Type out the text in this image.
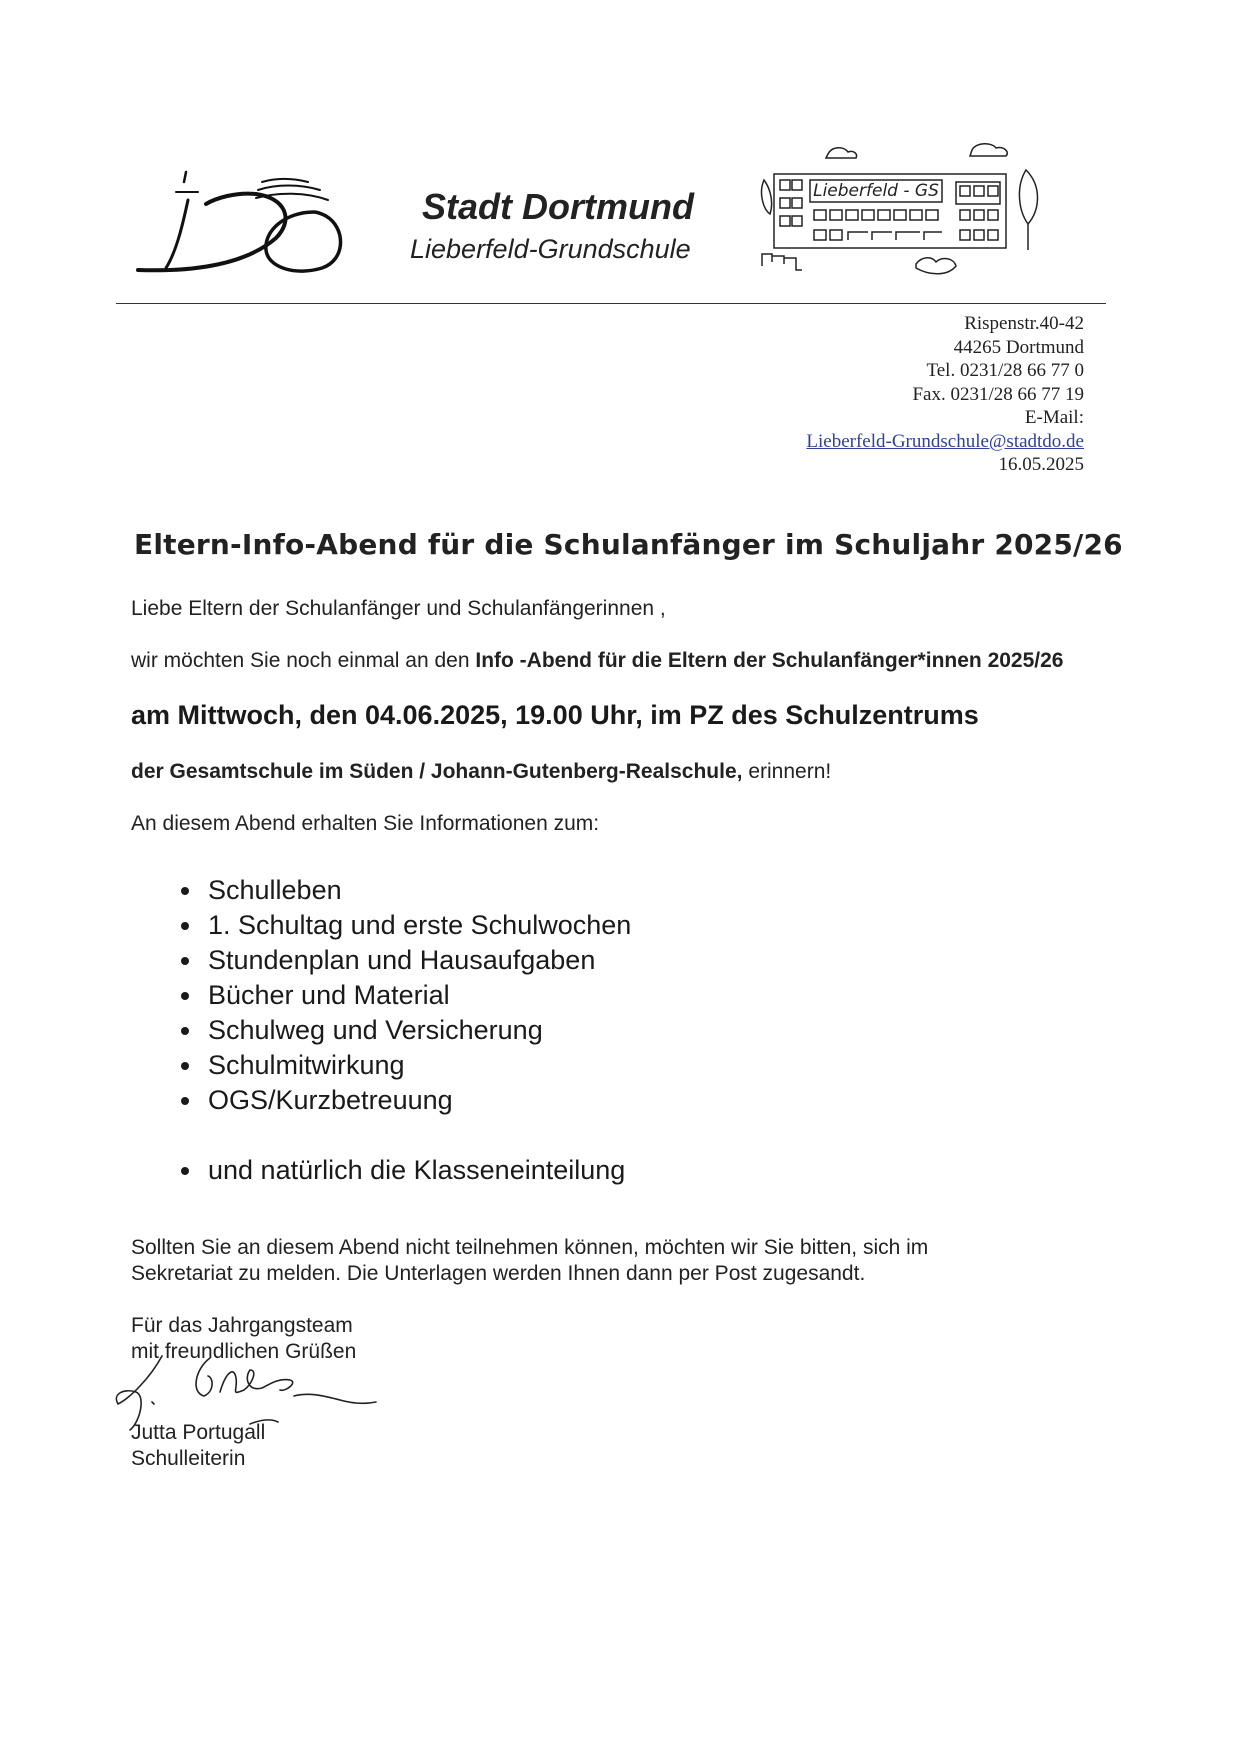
Stadt Dortmund
Lieberfeld-Grundschule
Lieberfeld - GS
Rispenstr.40-42
44265 Dortmund
Tel. 0231/28 66 77 0
Fax. 0231/28 66 77 19
E-Mail:
Lieberfeld-Grundschule@stadtdo.de
16.05.2025
Eltern-Info-Abend für die Schulanfänger im Schuljahr 2025/26
Liebe Eltern der Schulanfänger und Schulanfängerinnen ,
wir möchten Sie noch einmal an den Info -Abend für die Eltern der Schulanfänger*innen 2025/26
am Mittwoch, den 04.06.2025, 19.00 Uhr, im PZ des Schulzentrums
der Gesamtschule im Süden / Johann-Gutenberg-Realschule, erinnern!
An diesem Abend erhalten Sie Informationen zum:
• Schulleben
• 1. Schultag und erste Schulwochen
• Stundenplan und Hausaufgaben
• Bücher und Material
• Schulweg und Versicherung
• Schulmitwirkung
• OGS/Kurzbetreuung
• und natürlich die Klasseneinteilung
Sollten Sie an diesem Abend nicht teilnehmen können, möchten wir Sie bitten, sich im
Sekretariat zu melden. Die Unterlagen werden Ihnen dann per Post zugesandt.
Für das Jahrgangsteam
mit freundlichen Grüßen
Jutta Portugall
Schulleiterin
